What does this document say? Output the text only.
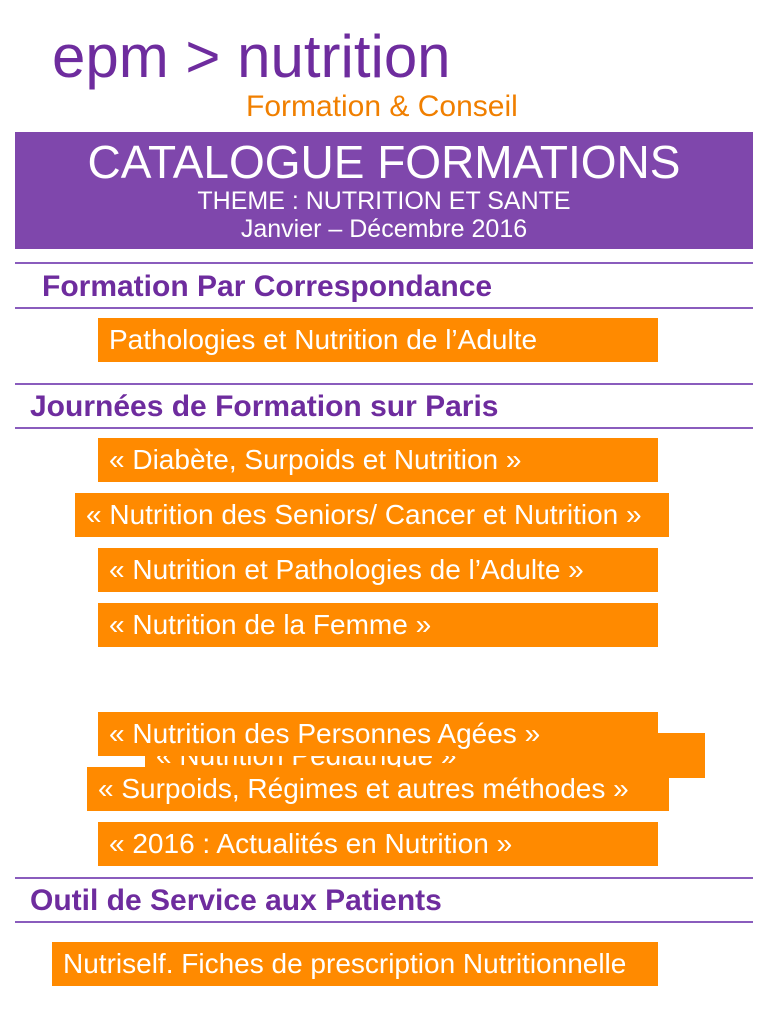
epm > nutrition
Formation & Conseil
CATALOGUE FORMATIONS
THEME : NUTRITION ET SANTE
Janvier – Décembre 2016
Formation Par Correspondance
Pathologies et Nutrition de l’Adulte
Journées de Formation sur Paris
« Diabète, Surpoids et Nutrition »
« Nutrition des Seniors/ Cancer et Nutrition »
« Nutrition et Pathologies de l’Adulte »
« Nutrition de la Femme »
« Nutrition des Personnes Agées »
« Surpoids, Régimes et autres méthodes »
« 2016 : Actualités en Nutrition »
Outil de Service aux Patients
Nutriself. Fiches de prescription Nutritionnelle
